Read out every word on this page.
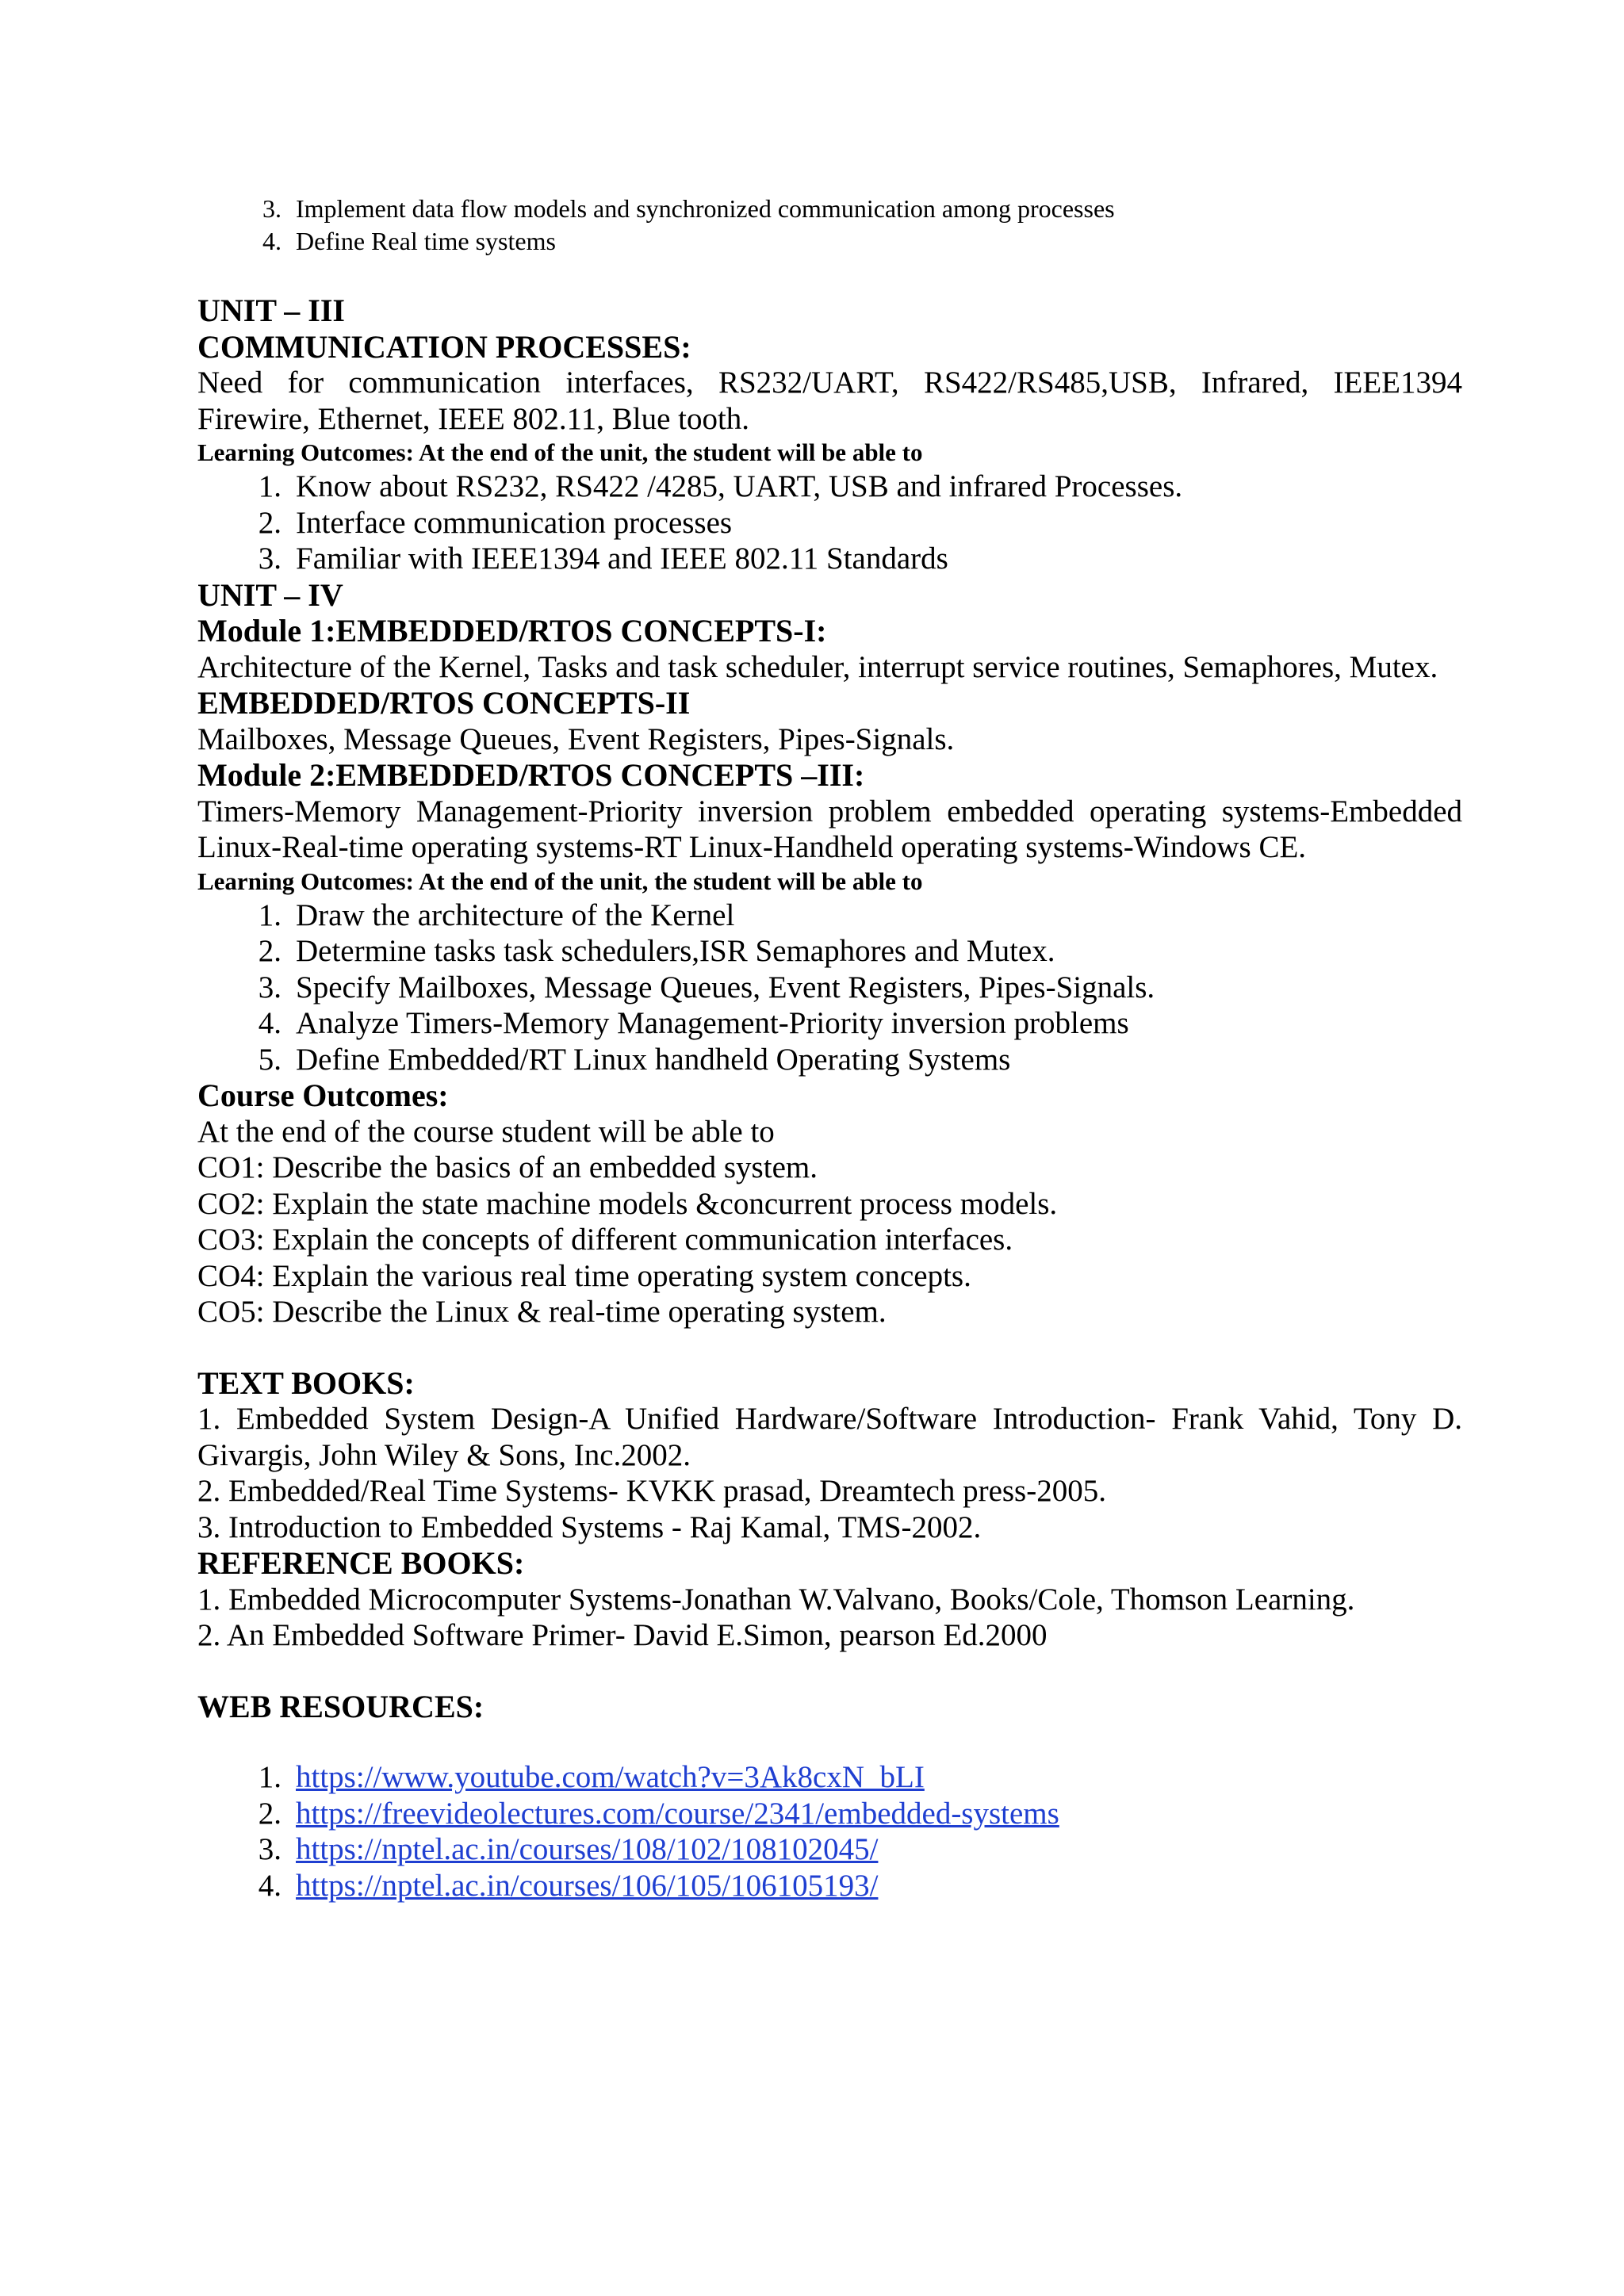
3. Implement data flow models and synchronized communication among processes
4. Define Real time systems
UNIT – III
COMMUNICATION PROCESSES:
Need for communication interfaces, RS232/UART, RS422/RS485,USB, Infrared, IEEE1394 Firewire, Ethernet, IEEE 802.11, Blue tooth.
Learning Outcomes: At the end of the unit, the student will be able to
1. Know about RS232, RS422 /4285, UART, USB and infrared Processes.
2. Interface communication processes
3. Familiar with IEEE1394 and IEEE 802.11 Standards
UNIT – IV
Module 1:EMBEDDED/RTOS CONCEPTS-I:
Architecture of the Kernel, Tasks and task scheduler, interrupt service routines, Semaphores, Mutex.
EMBEDDED/RTOS CONCEPTS-II
Mailboxes, Message Queues, Event Registers, Pipes-Signals.
Module 2:EMBEDDED/RTOS CONCEPTS –III:
Timers-Memory Management-Priority inversion problem embedded operating systems-Embedded Linux-Real-time operating systems-RT Linux-Handheld operating systems-Windows CE.
Learning Outcomes: At the end of the unit, the student will be able to
1. Draw the architecture of the Kernel
2. Determine tasks task schedulers,ISR Semaphores and Mutex.
3. Specify Mailboxes, Message Queues, Event Registers, Pipes-Signals.
4. Analyze Timers-Memory Management-Priority inversion problems
5. Define Embedded/RT Linux handheld Operating Systems
Course Outcomes:
At the end of the course student will be able to
CO1: Describe the basics of an embedded system.
CO2: Explain the state machine models &concurrent process models.
CO3: Explain the concepts of different communication interfaces.
CO4: Explain the various real time operating system concepts.
CO5: Describe the Linux & real-time operating system.
TEXT BOOKS:
1. Embedded System Design-A Unified Hardware/Software Introduction- Frank Vahid, Tony D. Givargis, John Wiley & Sons, Inc.2002.
2. Embedded/Real Time Systems- KVKK prasad, Dreamtech press-2005.
3. Introduction to Embedded Systems - Raj Kamal, TMS-2002.
REFERENCE BOOKS:
1. Embedded Microcomputer Systems-Jonathan W.Valvano, Books/Cole, Thomson Learning.
2. An Embedded Software Primer- David E.Simon, pearson Ed.2000
WEB RESOURCES:
1. https://www.youtube.com/watch?v=3Ak8cxN_bLI
2. https://freevideolectures.com/course/2341/embedded-systems
3. https://nptel.ac.in/courses/108/102/108102045/
4. https://nptel.ac.in/courses/106/105/106105193/
